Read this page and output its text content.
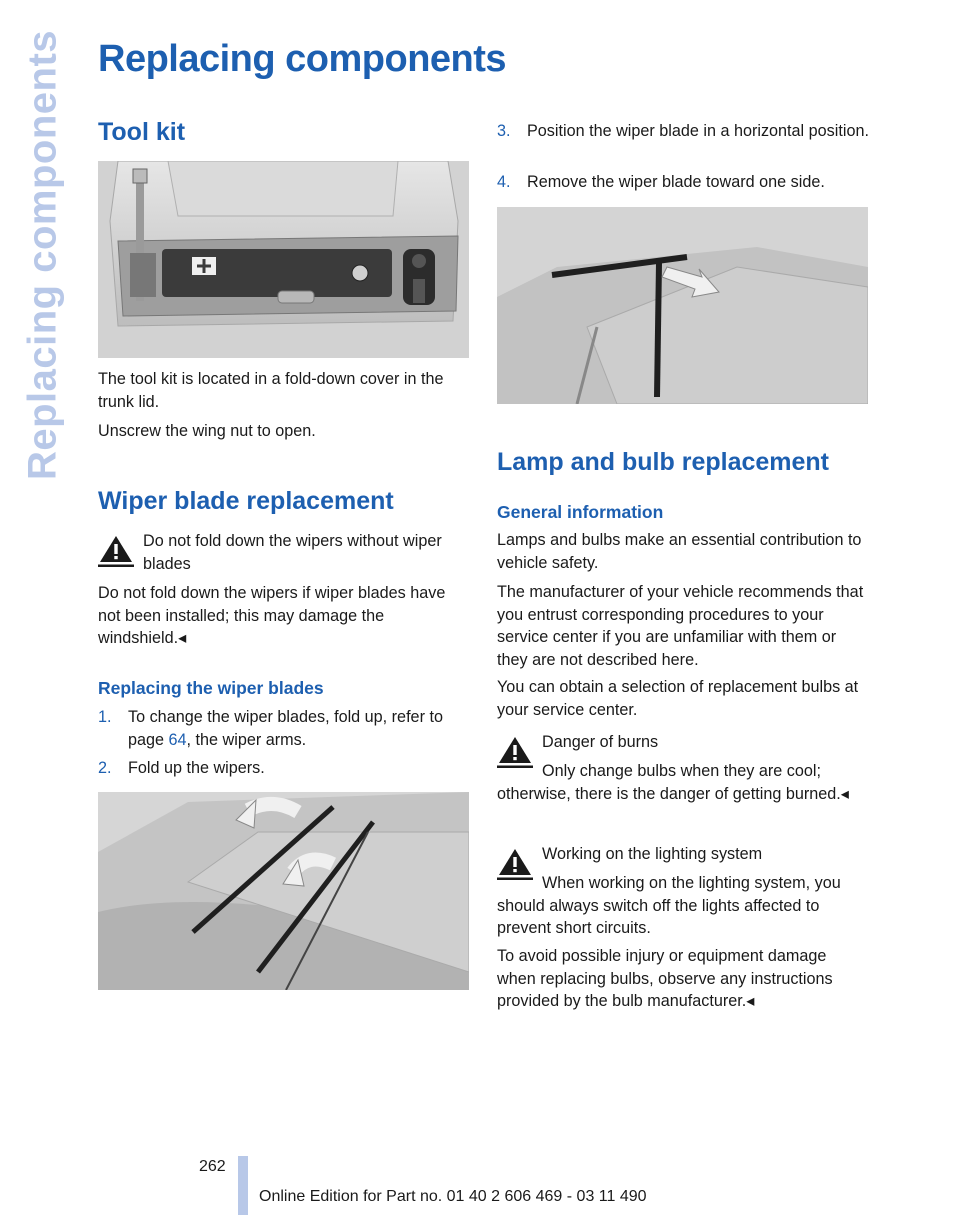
Replacing components Replacing components
Tool kit

The tool kit is located in a fold-down cover in the trunk lid.

Unscrew the wing nut to open.

Wiper blade replacement

Do not fold down the wipers without wiper blades

Do not fold down the wipers if wiper blades have not been installed; this may damage the windshield.◂

Replacing the wiper blades
1. To change the wiper blades, fold up, refer to page 64, the wiper arms.
2. Fold up the wipers.
3. Position the wiper blade in a horizontal position.
4. Remove the wiper blade toward one side.
Lamp and bulb replacement
General information

Lamps and bulbs make an essential contribution to vehicle safety.

The manufacturer of your vehicle recommends that you entrust corresponding procedures to your service center if you are unfamiliar with them or they are not described here.

You can obtain a selection of replacement bulbs at your service center.

Danger of burns

Only change bulbs when they are cool; otherwise, there is the danger of getting burned.◂

Working on the lighting system

When working on the lighting system, you should always switch off the lights affected to prevent short circuits.

To avoid possible injury or equipment damage when replacing bulbs, observe any instructions provided by the bulb manufacturer.◂

262
Online Edition for Part no. 01 40 2 606 469 - 03 11 490
